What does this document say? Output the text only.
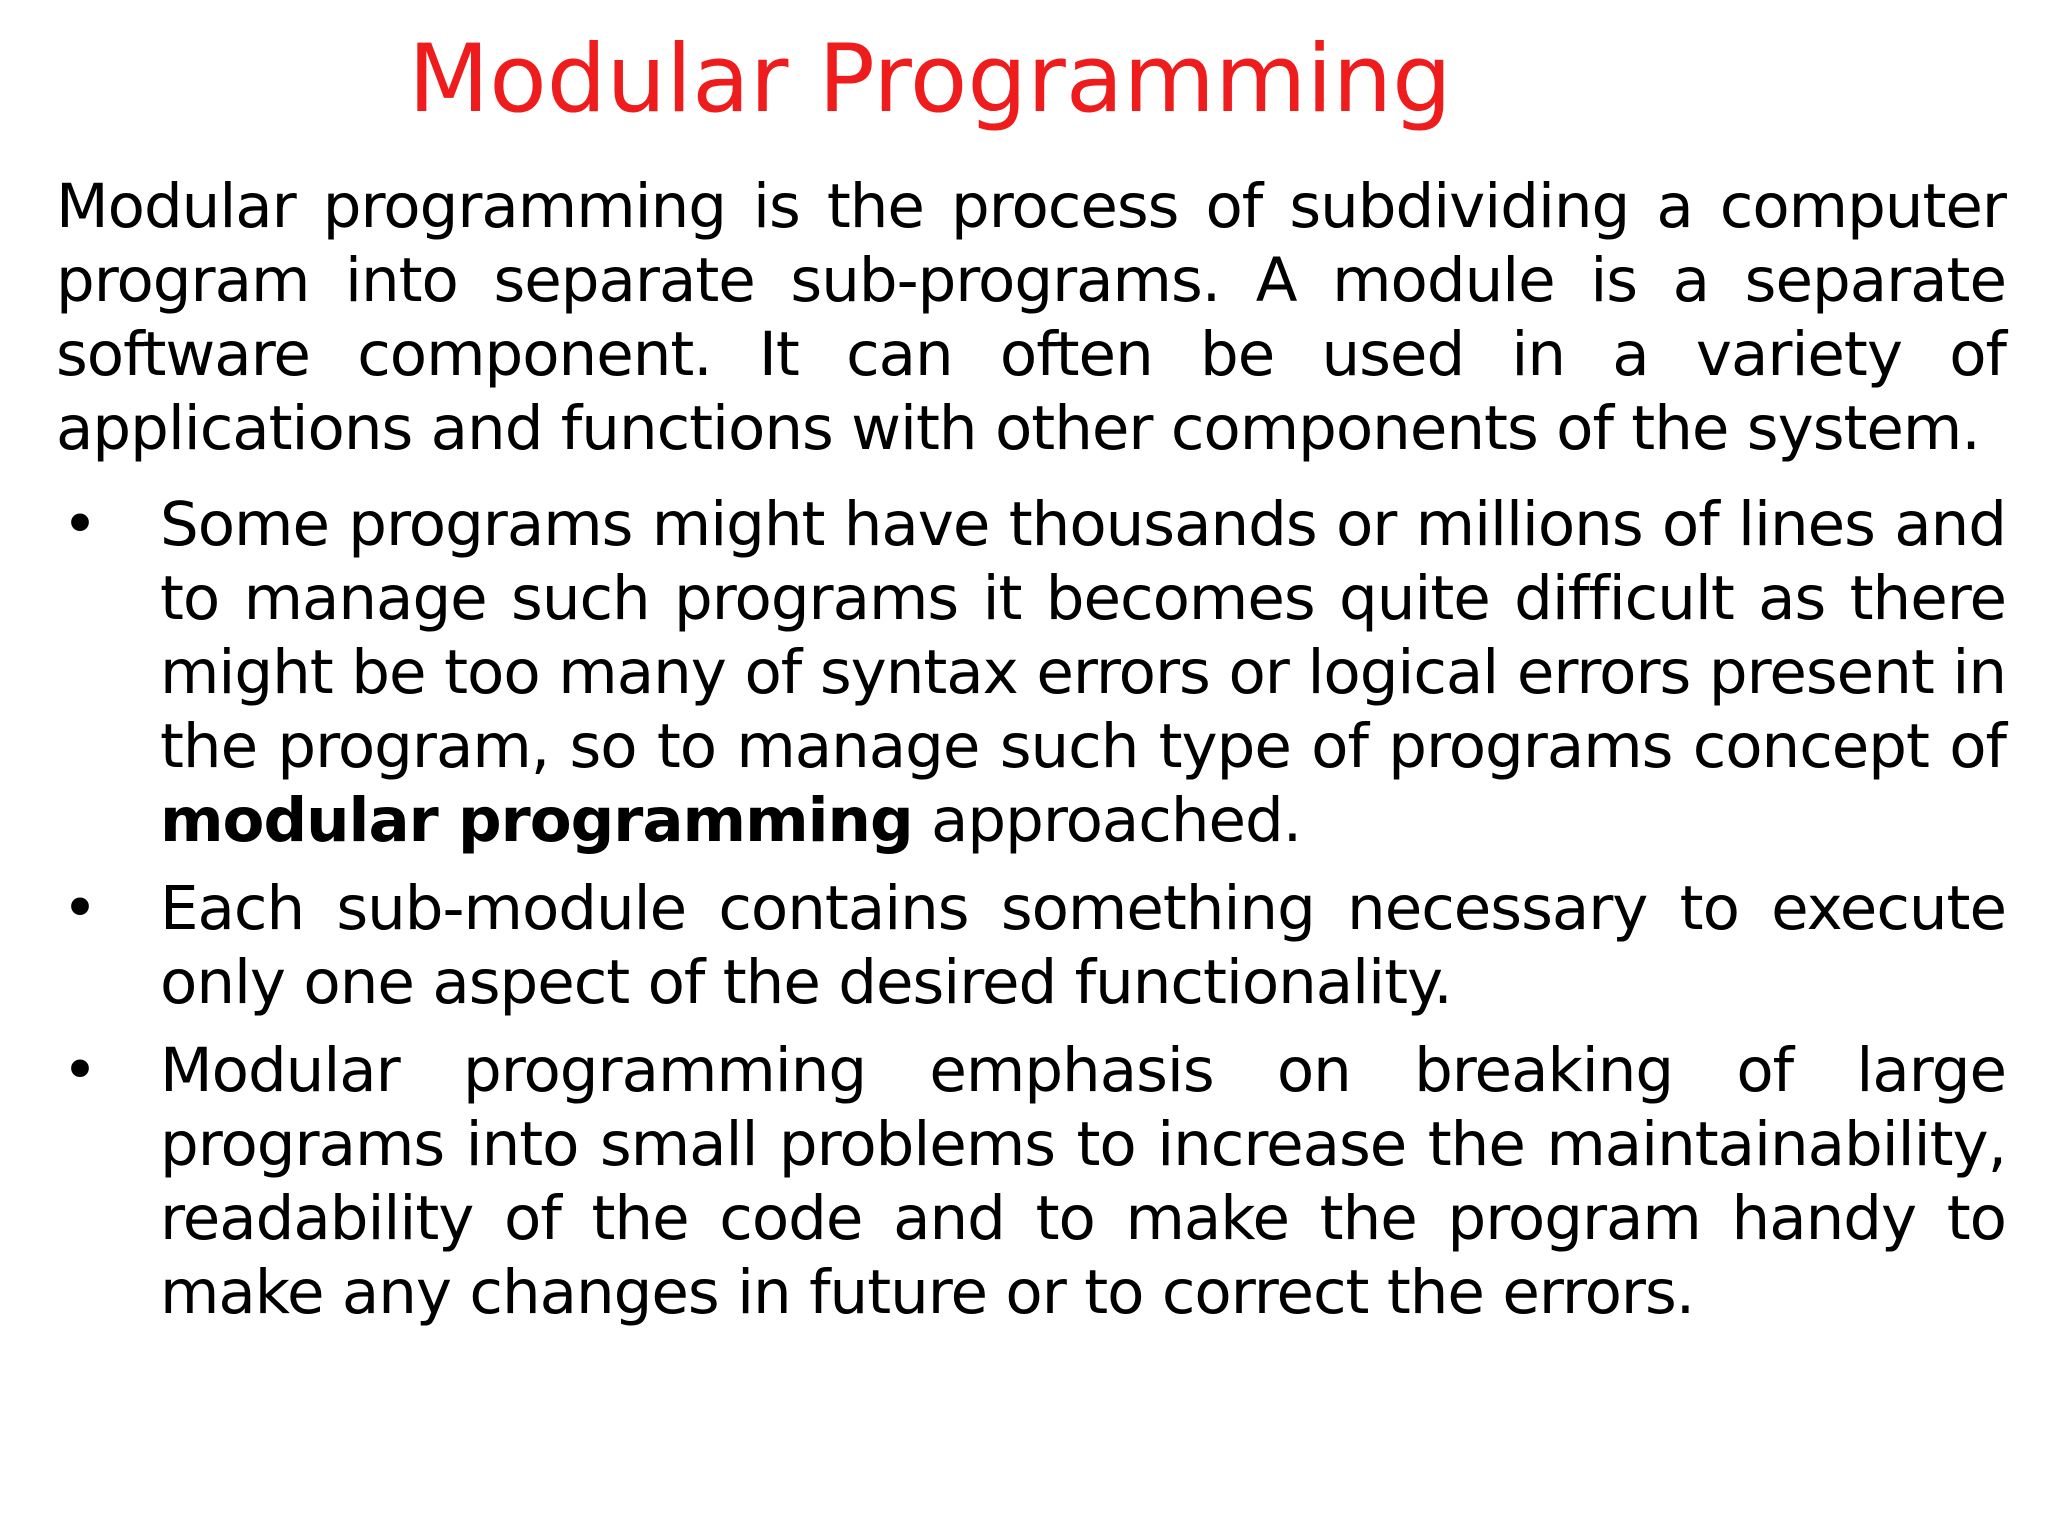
Modular Programming

Modular programming is the process of subdividing a computer program into separate sub-programs. A module is a separate software component. It can often be used in a variety of applications and functions with other components of the system.

•	Some programs might have thousands or millions of lines and to manage such programs it becomes quite difficult as there might be too many of syntax errors or logical errors present in the program, so to manage such type of programs concept of modular programming approached.
•	Each sub-module contains something necessary to execute only one aspect of the desired functionality.
•	Modular programming emphasis on breaking of large programs into small problems to increase the maintainability, readability of the code and to make the program handy to make any changes in future or to correct the errors.
